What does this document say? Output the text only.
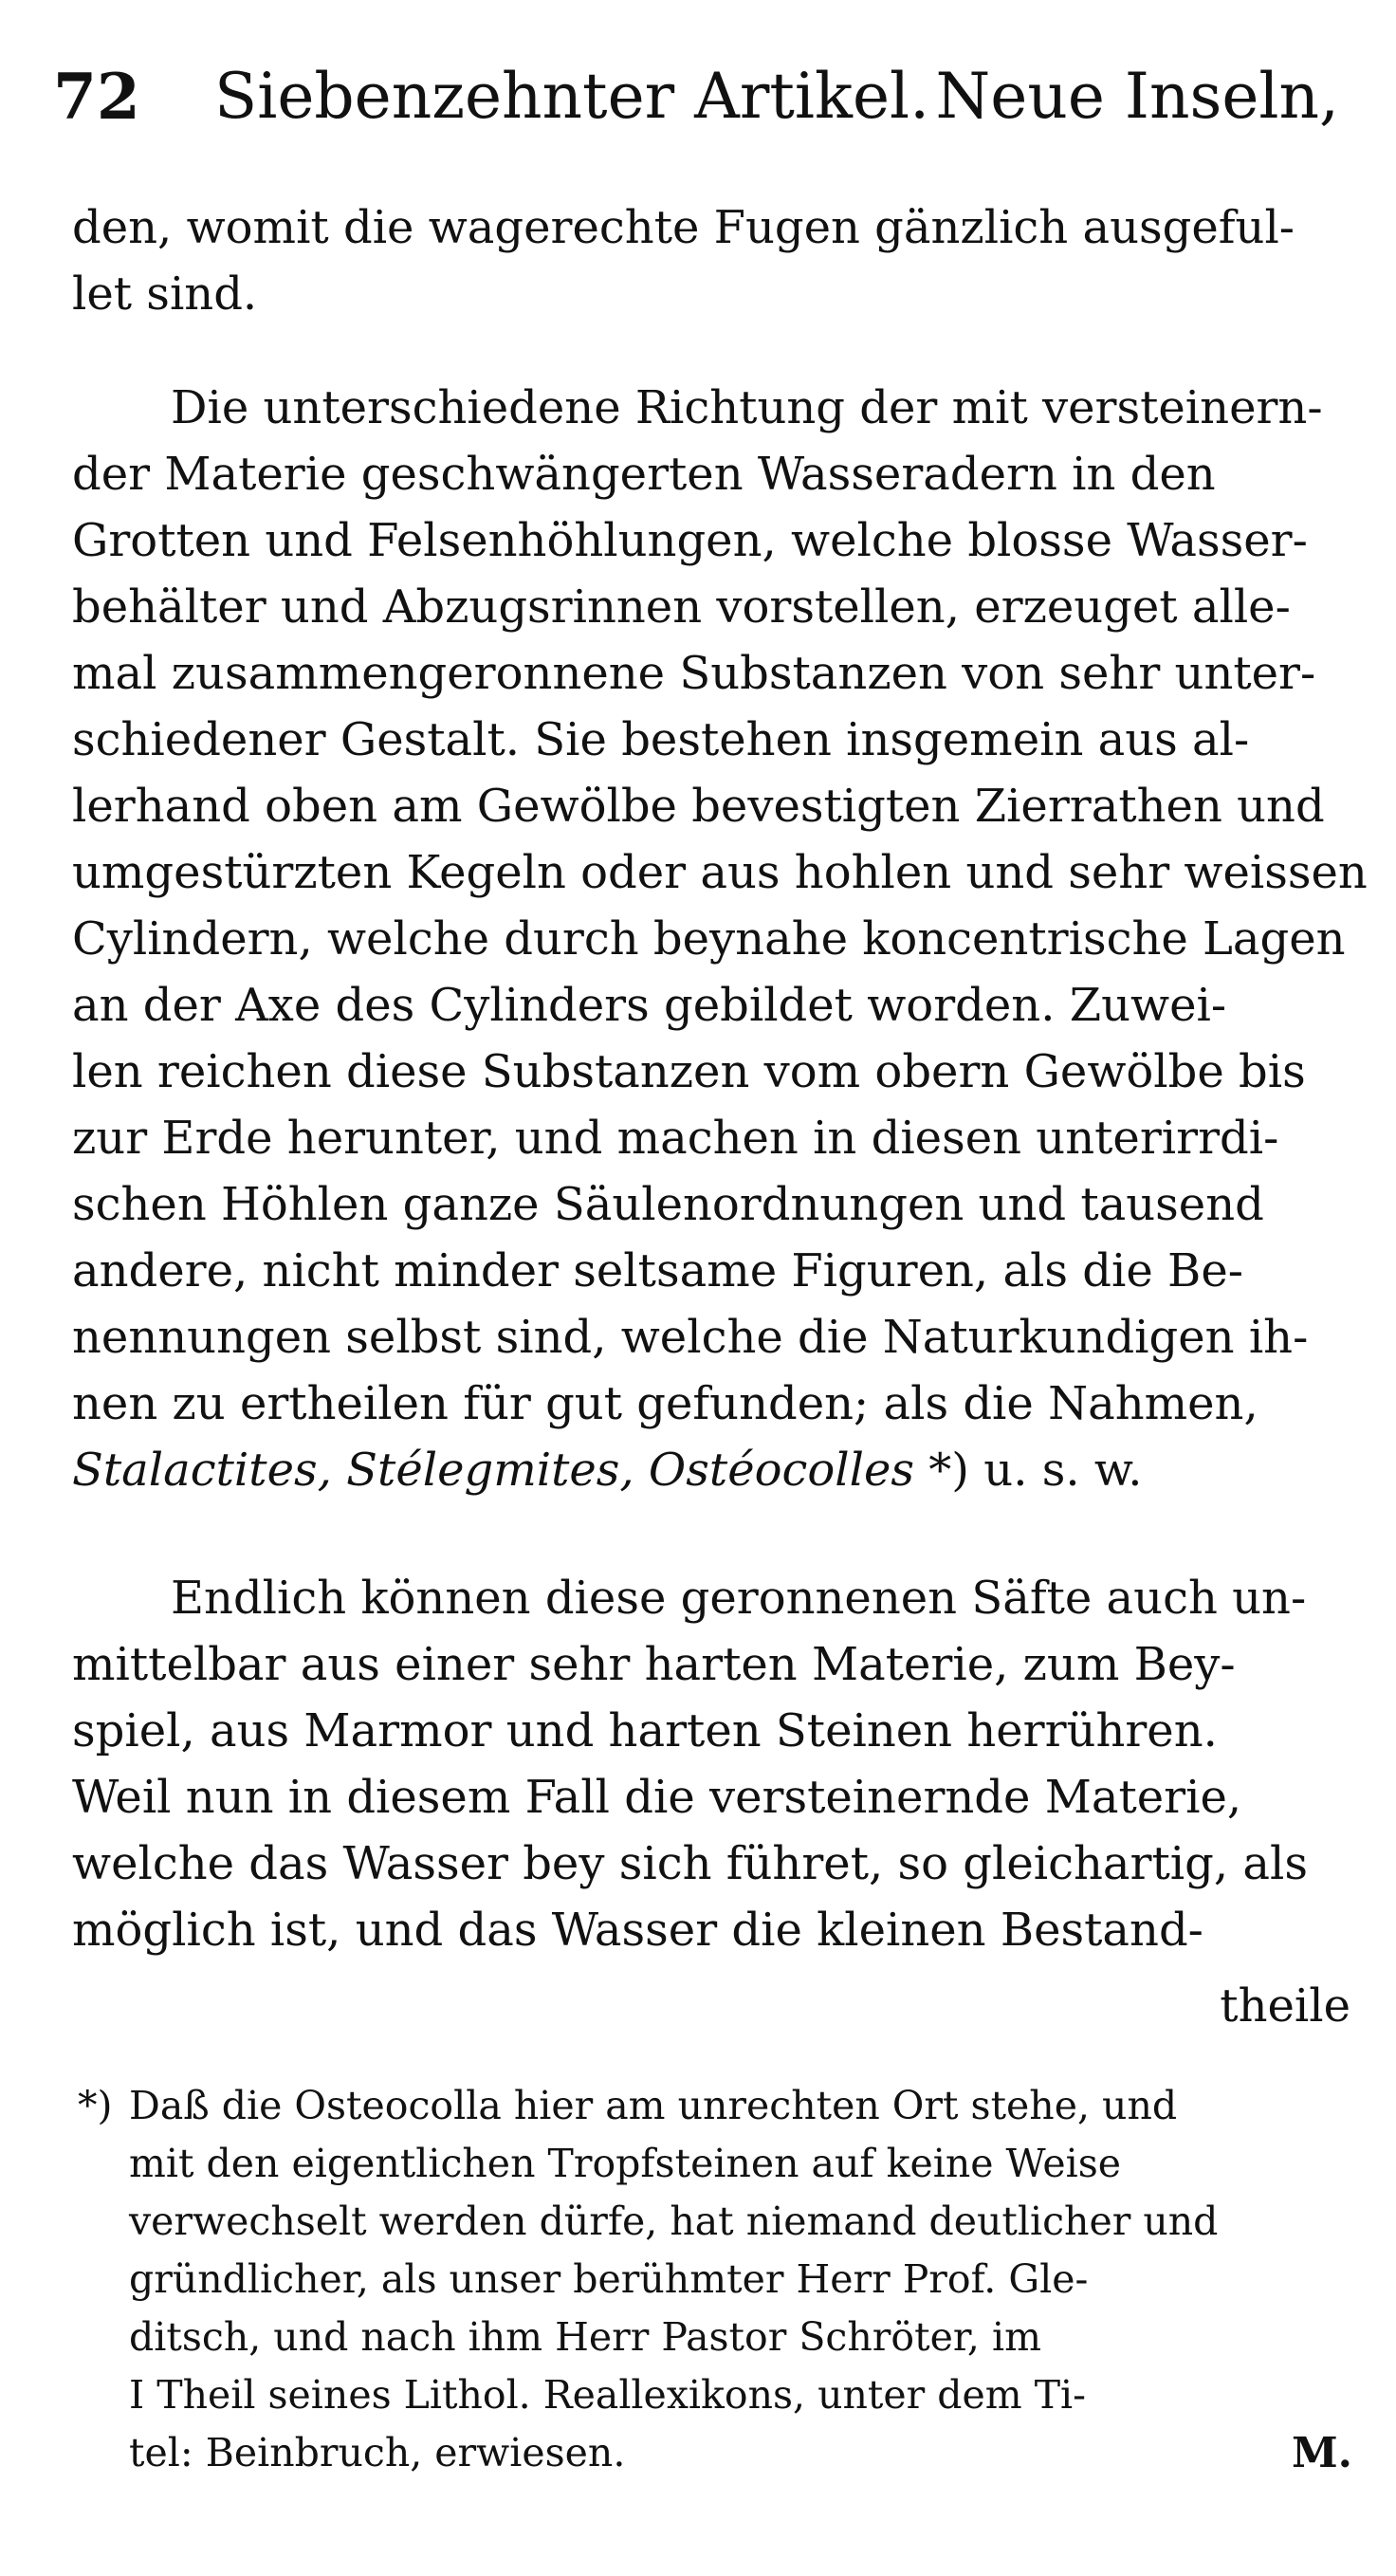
72 Siebenzehnter Artikel. Neue Inseln,
den, womit die wagerechte Fugen gänzlich ausgeful-
let sind.
Die unterschiedene Richtung der mit versteinern-
der Materie geschwängerten Wasseradern in den
Grotten und Felsenhöhlungen, welche blosse Wasser-
behälter und Abzugsrinnen vorstellen, erzeuget alle-
mal zusammengeronnene Substanzen von sehr unter-
schiedener Gestalt. Sie bestehen insgemein aus al-
lerhand oben am Gewölbe bevestigten Zierrathen und
umgestürzten Kegeln oder aus hohlen und sehr weissen
Cylindern, welche durch beynahe koncentrische Lagen
an der Axe des Cylinders gebildet worden. Zuwei-
len reichen diese Substanzen vom obern Gewölbe bis
zur Erde herunter, und machen in diesen unterirrdi-
schen Höhlen ganze Säulenordnungen und tausend
andere, nicht minder seltsame Figuren, als die Be-
nennungen selbst sind, welche die Naturkundigen ih-
nen zu ertheilen für gut gefunden; als die Nahmen,
Stalactites, Stélegmites, Ostéocolles *) u. s. w.
Endlich können diese geronnenen Säfte auch un-
mittelbar aus einer sehr harten Materie, zum Bey-
spiel, aus Marmor und harten Steinen herrühren.
Weil nun in diesem Fall die versteinernde Materie,
welche das Wasser bey sich führet, so gleichartig, als
möglich ist, und das Wasser die kleinen Bestand-
theile
*) Daß die Osteocolla hier am unrechten Ort stehe, und
mit den eigentlichen Tropfsteinen auf keine Weise
verwechselt werden dürfe, hat niemand deutlicher und
gründlicher, als unser berühmter Herr Prof. Gle-
ditsch, und nach ihm Herr Pastor Schröter, im
I Theil seines Lithol. Reallexikons, unter dem Ti-
tel: Beinbruch, erwiesen.	M.
